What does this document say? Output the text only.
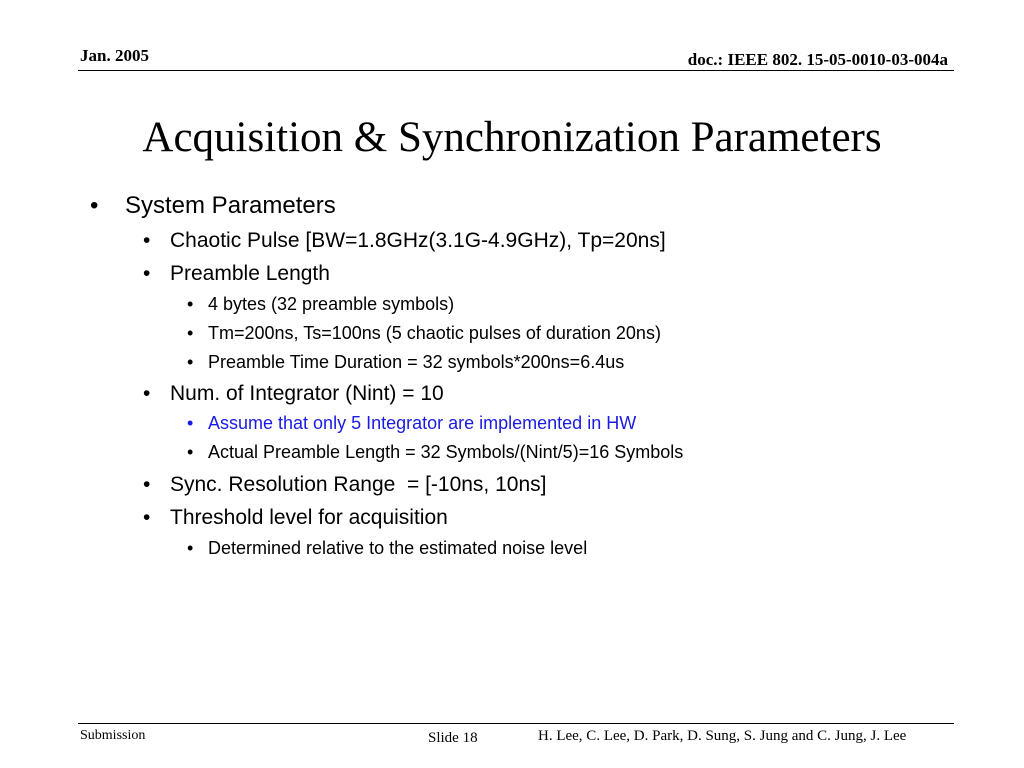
Jan. 2005	doc.: IEEE 802. 15-05-0010-03-004a
Acquisition & Synchronization Parameters
• System Parameters
• Chaotic Pulse [BW=1.8GHz(3.1G-4.9GHz), Tp=20ns]
• Preamble Length
• 4 bytes (32 preamble symbols)
• Tm=200ns, Ts=100ns (5 chaotic pulses of duration 20ns)
• Preamble Time Duration = 32 symbols*200ns=6.4us
• Num. of Integrator (Nint) = 10
• Assume that only 5 Integrator are implemented in HW
• Actual Preamble Length = 32 Symbols/(Nint/5)=16 Symbols
• Sync. Resolution Range  = [-10ns, 10ns]
• Threshold level for acquisition
• Determined relative to the estimated noise level
Submission	Slide 18	H. Lee, C. Lee, D. Park, D. Sung, S. Jung and C. Jung, J. Lee
